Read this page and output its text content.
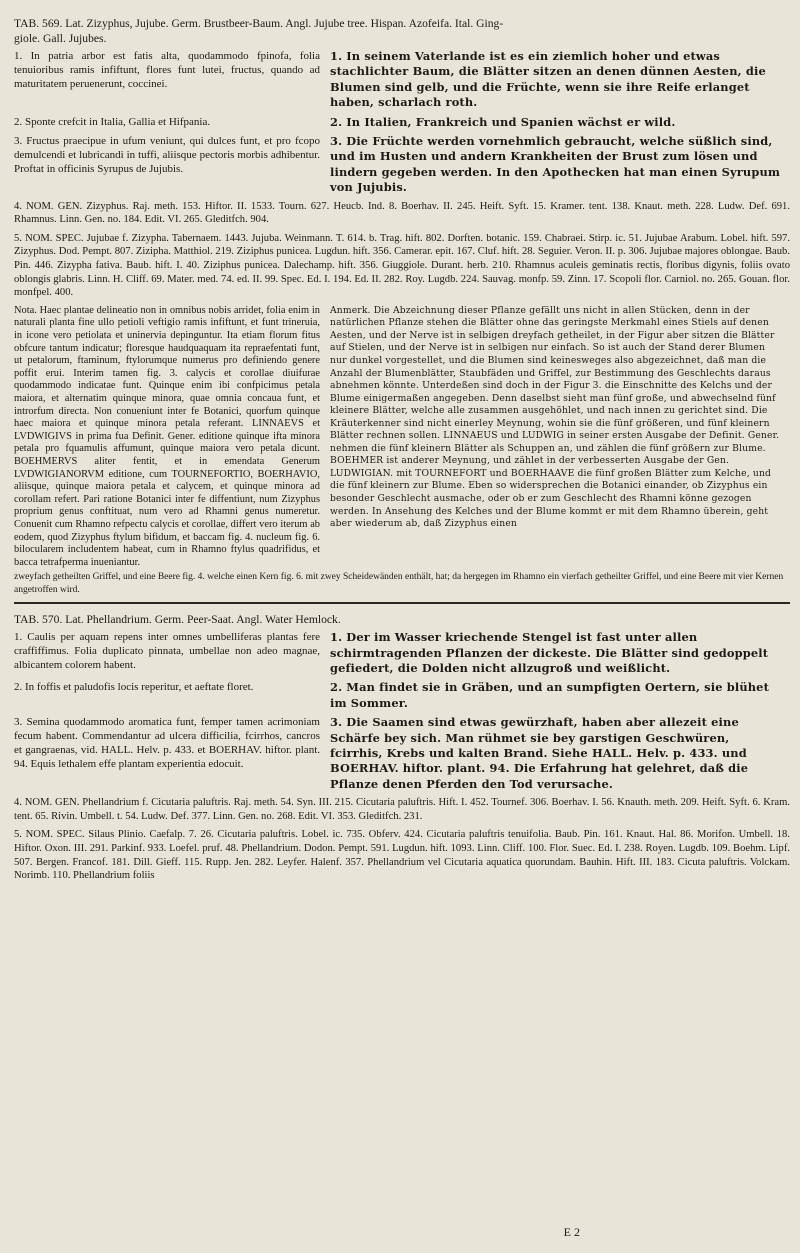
TAB. 569. Lat. Zizyphus, Jujube. Germ. Brustbeer-Baum. Angl. Jujube tree. Hispan. Azofeifa. Ital. Ging-
giole. Gall. Jujubes.
1. In patria arbor est fatis alta, quodammodo fpinofa, folia tenuioribus ramis infiftunt, flores funt lutei, fructus, quando ad maturitatem peruenerunt, coccinei.
1. In seinem Vaterlande ist es ein ziemlich hoher und etwas stachlichter Baum, die Blätter sitzen an denen dünnen Aesten, die Blumen sind gelb, und die Früchte, wenn sie ihre Reife erlanget haben, scharlach roth.
2. Sponte crefcit in Italia, Gallia et Hifpania.	2. In Italien, Frankreich und Spanien wächst er wild.
3. Fructus praecipue in ufum veniunt, qui dulces funt, et pro fcopo demulcendi et lubricandi in tuffi, aliisque pectoris morbis adhibentur. Proftat in officinis Syrupus de Jujubis.
3. Die Früchte werden vornehmlich gebraucht, welche süßlich sind, und im Husten und andern Krankheiten der Brust zum lösen und lindern gegeben werden. In den Apothecken hat man einen Syrupum von Jujubis.
4. NOM. GEN. Zizyphus. Raj. meth. 153. Hiftor. II. 1533. Tourn. 627. Heucb. Ind. 8. Boerhav. II. 245. Heift. Syft. 15. Kramer. tent. 138. Knaut. meth. 228. Ludw. Def. 691. Rhamnus. Linn. Gen. no. 184. Edit. VI. 265. Gleditfch. 904.
5. NOM. SPEC. Jujubae f. Zizypha. Tabernaem. 1443. Jujuba. Weinmann. T. 614. b. Trag. hift. 802. Dorften. botanic. 159. Chabraei. Stirp. ic. 51. Jujubae Arabum. Lobel. hift. 597. Zizyphus. Dod. Pempt. 807. Zizipha. Matthiol. 219. Ziziphus punicea. Lugdun. hift. 356. Camerar. epit. 167. Cluf. hift. 28. Seguier. Veron. II. p. 306. Jujubae majores oblongae. Baub. Pin. 446. Zizypha fativa. Baub. hift. I. 40. Ziziphus punicea. Dalechamp. hift. 356. Giuggiole. Durant. herb. 210. Rhamnus aculeis geminatis rectis, floribus digynis, foliis ovato oblongis glabris. Linn. H. Cliff. 69. Mater. med. 74. ed. II. 99. Spec. Ed. I. 194. Ed. II. 282. Roy. Lugdb. 224. Sauvag. monfp. 59. Zinn. 17. Scopoli flor. Carniol. no. 265. Gouan. flor. monfpel. 400.
Nota. Haec plantae delineatio non in omnibus nobis arridet, folia enim in naturali planta fine ullo petioli veftigio ramis infiftunt, et funt trineruia, in icone vero petiolata et uninervia depinguntur. Ita etiam florum fitus obfcure tantum indicatur; floresque haudquaquam ita repraefentati funt, ut petalorum, ftaminum, ftylorumque numerus pro definiendo genere poffit erui. Interim tamen fig. 3. calycis et corollae diuifurae quodammodo indicatae funt. Quinque enim ibi confpicimus petala maiora, et alternatim quinque minora, quae omnia concaua funt, et introrfum directa. Non conueniunt inter fe Botanici, quorfum quinque haec maiora et quinque minora petala referant. LINNAEVS et LVDWIGIVS in prima fua Definit. Gener. editione quinque ifta minora petala pro fquamulis affumunt, quinque maiora vero petala dicunt. BOEHMERVS aliter fentit, et in emendata Generum LVDWIGIANORVM editione, cum TOURNEFORTIO, BOERHAVIO, aliisque, quinque maiora petala et calycem, et quinque minora ad corollam refert. Pari ratione Botanici inter fe diffentiunt, num Zizyphus proprium genus conftituat, num vero ad Rhamni genus numeretur. Conuenit cum Rhamno refpectu calycis et corollae, differt vero iterum ab eodem, quod Zizyphus ftylum bifidum, et baccam fig. 4. nucleum fig. 6. bilocularem includentem habeat, cum in Rhamno ftylus quadrifidus, et bacca tetrafperma inueniantur.
Anmerk. Die Abzeichnung dieser Pflanze gefällt uns nicht in allen Stücken, denn in der natürlichen Pflanze stehen die Blätter ohne das geringste Merkmahl eines Stiels auf denen Aesten, und der Nerve ist in selbigen dreyfach getheilet, in der Figur aber sitzen die Blätter auf Stielen, und der Nerve ist in selbigen nur einfach. So ist auch der Stand derer Blumen nur dunkel vorgestellet, und die Blumen sind keinesweges also abgezeichnet, daß man die Anzahl der Blumenblätter, Staubfäden und Griffel, zur Bestimmung des Geschlechts daraus abnehmen könnte. Unterdeßen sind doch in der Figur 3. die Einschnitte des Kelchs und der Blume einigermaßen angegeben. Denn daselbst sieht man fünf große, und abwechselnd fünf kleinere Blätter, welche alle zusammen ausgehöhlet, und nach innen zu gerichtet sind. Die Kräuterkenner sind nicht einerley Meynung, wohin sie die fünf größeren, und fünf kleinern Blätter rechnen sollen. LINNAEUS und LUDWIG in seiner ersten Ausgabe der Definit. Gener. nehmen die fünf kleinern Blätter als Schuppen an, und zählen die fünf größern zur Blume. BOEHMER ist anderer Meynung, und zählet in der verbesserten Ausgabe der Gen. LUDWIGIAN. mit TOURNEFORT und BOERHAAVE die fünf großen Blätter zum Kelche, und die fünf kleinern zur Blume. Eben so widersprechen die Botanici einander, ob Zizyphus ein besonder Geschlecht ausmache, oder ob er zum Geschlecht des Rhamni könne gezogen werden. In Ansehung des Kelches und der Blume kommt er mit dem Rhamno überein, geht aber wiederum ab, daß Zizyphus einen
zweyfach getheilten Griffel, und eine Beere fig. 4. welche einen Kern fig. 6. mit zwey Scheidewänden enthält, hat; da hergegen im Rhamno ein vierfach getheilter Griffel, und eine Beere mit vier Kernen angetroffen wird.
TAB. 570. Lat. Phellandrium. Germ. Peer-Saat. Angl. Water Hemlock.
1. Caulis per aquam repens inter omnes umbelliferas plantas fere craffiffimus. Folia duplicato pinnata, umbellae non adeo magnae, albicantem colorem habent.
1. Der im Wasser kriechende Stengel ist fast unter allen schirmtragenden Pflanzen der dickeste. Die Blätter sind gedoppelt gefiedert, die Dolden nicht allzugroß und weißlicht.
2. In foffis et paludofis locis reperitur, et aeftate floret.	2. Man findet sie in Gräben, und an sumpfigten Oertern, sie blühet im Sommer.
3. Semina quodammodo aromatica funt, femper tamen acrimoniam fecum habent. Commendantur ad ulcera difficilia, fcirrhos, cancros et gangraenas, vid. HALL. Helv. p. 433. et BOERHAV. hiftor. plant. 94. Equis lethalem effe plantam experientia edocuit.
3. Die Saamen sind etwas gewürzhaft, haben aber allezeit eine Schärfe bey sich. Man rühmet sie bey garstigen Geschwüren, fcirrhis, Krebs und kalten Brand. Siehe HALL. Helv. p. 433. und BOERHAV. hiftor. plant. 94. Die Erfahrung hat gelehret, daß die Pflanze denen Pferden den Tod verursache.
4. NOM. GEN. Phellandrium f. Cicutaria paluftris. Raj. meth. 54. Syn. III. 215. Cicutaria paluftris. Hift. I. 452. Tournef. 306. Boerhav. I. 56. Knauth. meth. 209. Heift. Syft. 6. Kram. tent. 65. Rivin. Umbell. t. 54. Ludw. Def. 377. Linn. Gen. no. 268. Edit. VI. 353. Gleditfch. 231.
5. NOM. SPEC. Silaus Plinio. Caefalp. 7. 26. Cicutaria paluftris. Lobel. ic. 735. Obferv. 424. Cicutaria paluftris tenuifolia. Baub. Pin. 161. Knaut. Hal. 86. Morifon. Umbell. 18. Hiftor. Oxon. III. 291. Parkinf. 933. Loefel. pruf. 48. Phellandrium. Dodon. Pempt. 591. Lugdun. hift. 1093. Linn. Cliff. 100. Flor. Suec. Ed. I. 238. Royen. Lugdb. 109. Boehm. Lipf. 507. Bergen. Francof. 181. Dill. Gieff. 115. Rupp. Jen. 282. Leyfer. Halenf. 357. Phellandrium vel Cicutaria aquatica quorundam. Bauhin. Hift. III. 183. Cicuta paluftris. Volckam. Norimb. 110. Phellandrium foliis
E 2
